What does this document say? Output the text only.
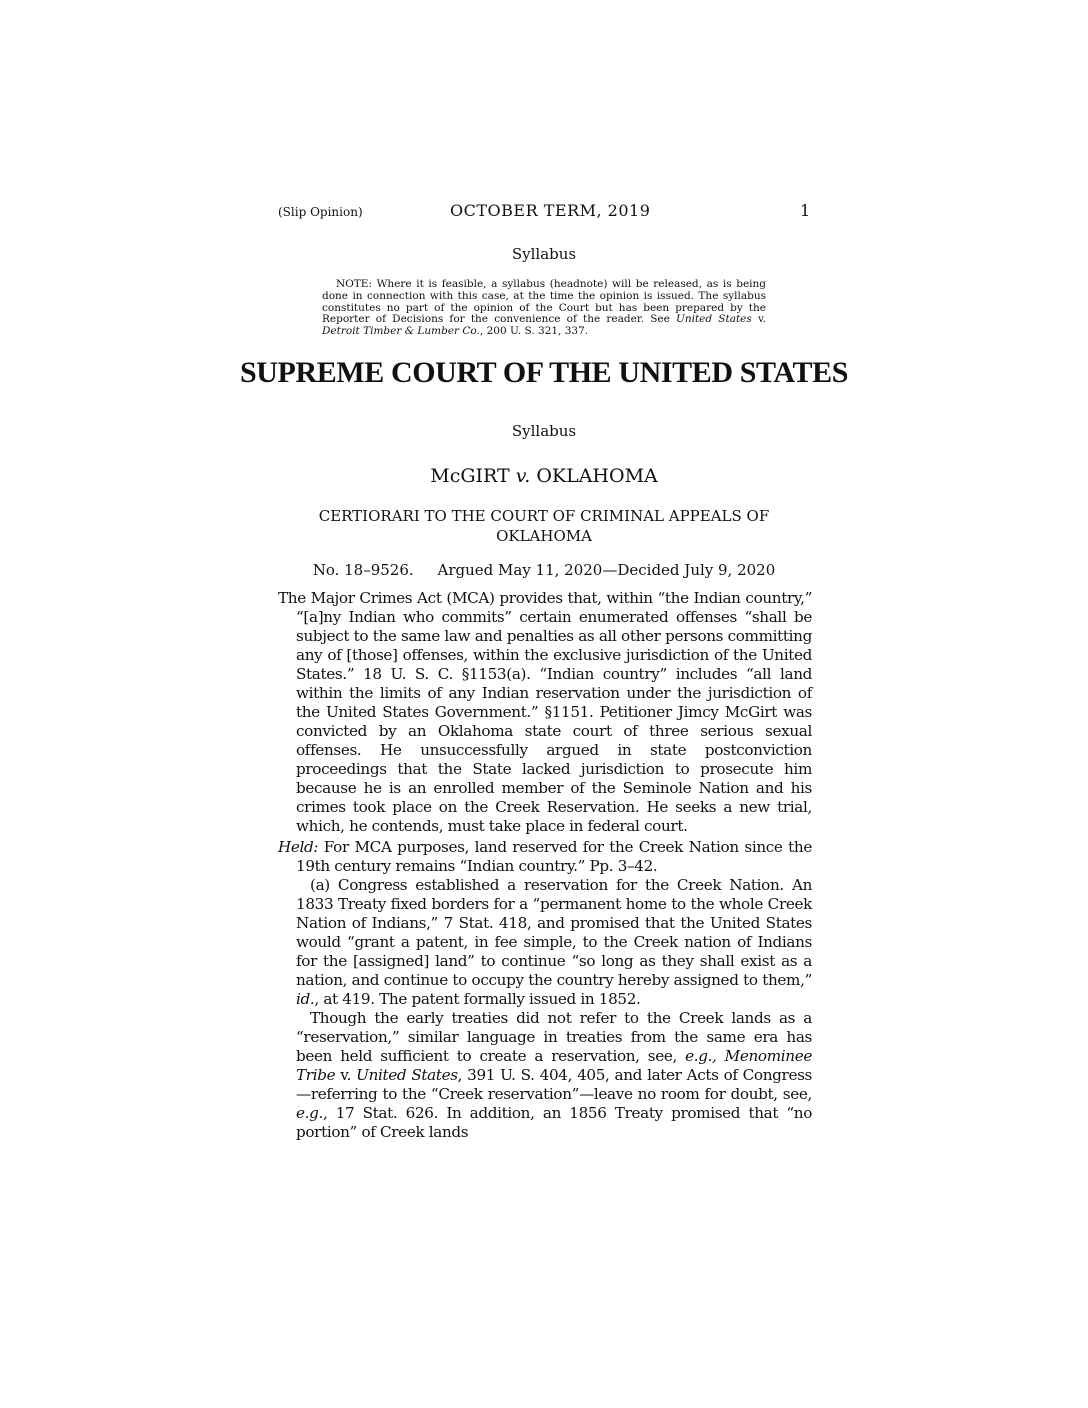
(Slip Opinion)	OCTOBER TERM, 2019	1
Syllabus
NOTE: Where it is feasible, a syllabus (headnote) will be released, as is being done in connection with this case, at the time the opinion is issued. The syllabus constitutes no part of the opinion of the Court but has been prepared by the Reporter of Decisions for the convenience of the reader. See United States v. Detroit Timber & Lumber Co., 200 U. S. 321, 337.
SUPREME COURT OF THE UNITED STATES
Syllabus
McGIRT v. OKLAHOMA
CERTIORARI TO THE COURT OF CRIMINAL APPEALS OF OKLAHOMA
No. 18–9526.     Argued May 11, 2020—Decided July 9, 2020

The Major Crimes Act (MCA) provides that, within “the Indian country,” “[a]ny Indian who commits” certain enumerated offenses “shall be subject to the same law and penalties as all other persons committing any of [those] offenses, within the exclusive jurisdiction of the United States.” 18 U. S. C. §1153(a). “Indian country” includes “all land within the limits of any Indian reservation under the jurisdiction of the United States Government.” §1151. Petitioner Jimcy McGirt was convicted by an Oklahoma state court of three serious sexual offenses. He unsuccessfully argued in state postconviction proceedings that the State lacked jurisdiction to prosecute him because he is an enrolled member of the Seminole Nation and his crimes took place on the Creek Reservation. He seeks a new trial, which, he contends, must take place in federal court.

Held: For MCA purposes, land reserved for the Creek Nation since the 19th century remains “Indian country.” Pp. 3–42.

(a) Congress established a reservation for the Creek Nation. An 1833 Treaty fixed borders for a “permanent home to the whole Creek Nation of Indians,” 7 Stat. 418, and promised that the United States would “grant a patent, in fee simple, to the Creek nation of Indians for the [assigned] land” to continue “so long as they shall exist as a nation, and continue to occupy the country hereby assigned to them,” id., at 419. The patent formally issued in 1852.

Though the early treaties did not refer to the Creek lands as a “reservation,” similar language in treaties from the same era has been held sufficient to create a reservation, see, e.g., Menominee Tribe v. United States, 391 U. S. 404, 405, and later Acts of Congress—referring to the “Creek reservation”—leave no room for doubt, see, e.g., 17 Stat. 626. In addition, an 1856 Treaty promised that “no portion” of Creek lands
